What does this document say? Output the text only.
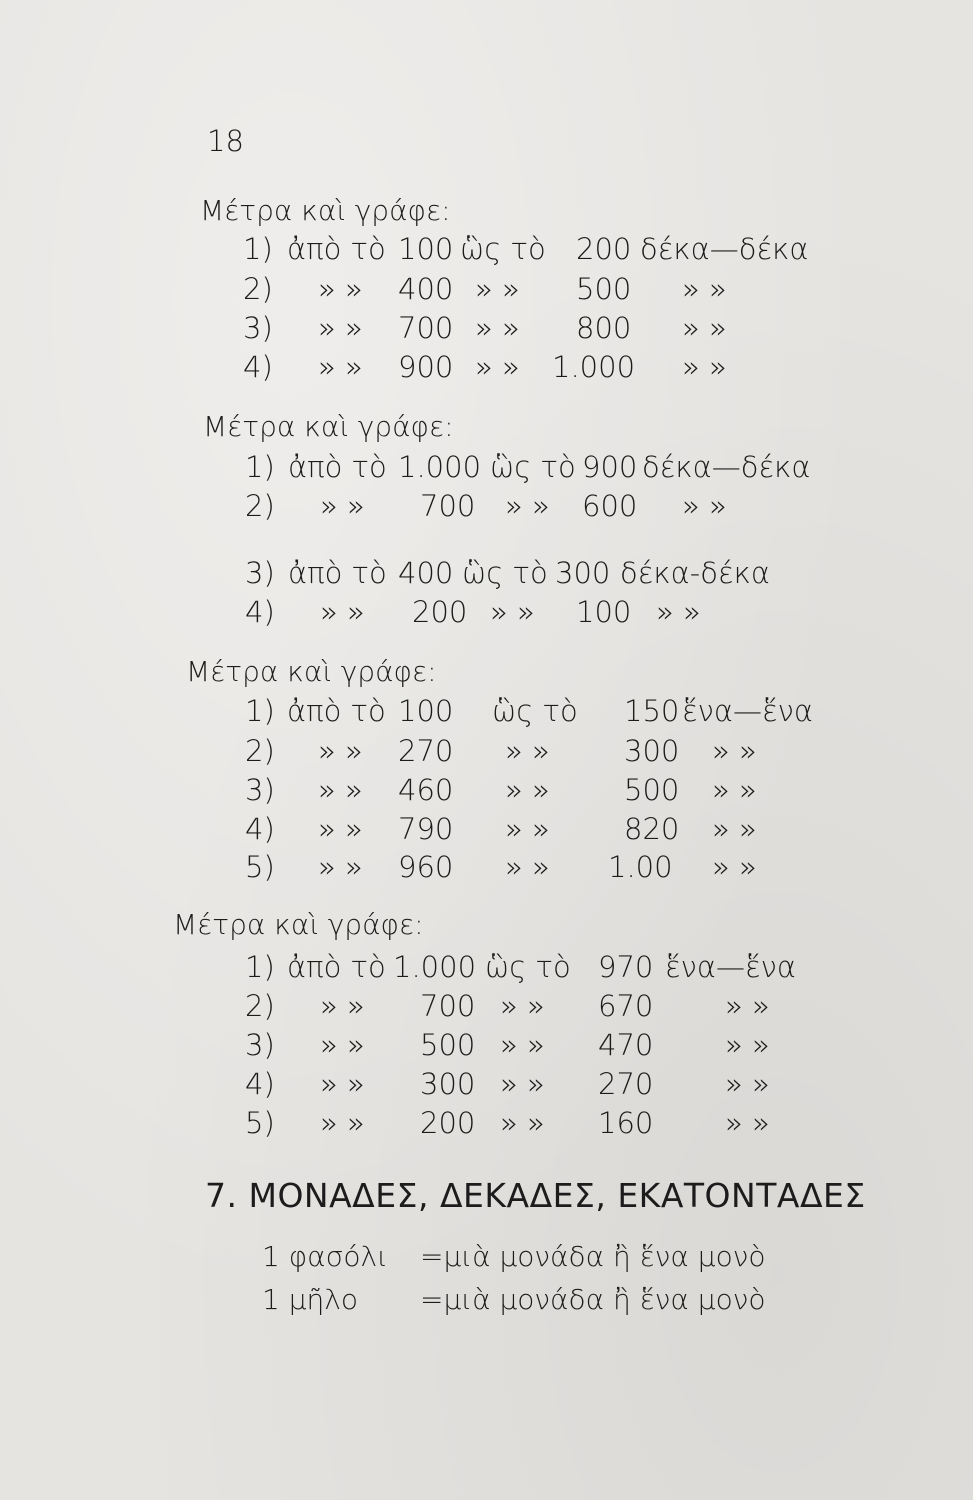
18
Μέτρα καὶ γράφε:
1) ἀπὸ τὸ 100 ὣς τὸ 200 δέκα—δέκα
2) » » 400 » » 500 » »
3) » » 700 » » 800 » »
4) » » 900 » » 1.000 » »
Μέτρα καὶ γράφε:
1) ἀπὸ τὸ 1.000 ὣς τὸ 900 δέκα—δέκα
2) » » 700 » » 600 » »
3) ἀπὸ τὸ 400 ὣς τὸ 300 δέκα-δέκα
4) » » 200 » » 100 » »
Μέτρα καὶ γράφε:
1) ἀπὸ τὸ 100 ὣς τὸ 150 ἕνα—ἕνα
2) » » 270 » »	300 » »
3) » » 460 » »	500 » »
4) » » 790 » »	820 » »
5) » » 960 » » 1.00 » »
Μέτρα καὶ γράφε:
1) ἀπὸ τὸ 1.000 ὣς τὸ 970 ἕνα—ἕνα
2) » » 700 » » 670 » »
3) » » 500 » » 470 » »
4) » » 300 » » 270 » »
5) » » 200 » » 160 » »
7. ΜΟΝΑΔΕΣ, ΔΕΚΑΔΕΣ, ΕΚΑΤΟΝΤΑΔΕΣ
1 φασόλι =μιὰ μονάδα ἢ ἕνα μονὸ
1 μῆλο =μιὰ μονάδα ἢ ἕνα μονὸ
